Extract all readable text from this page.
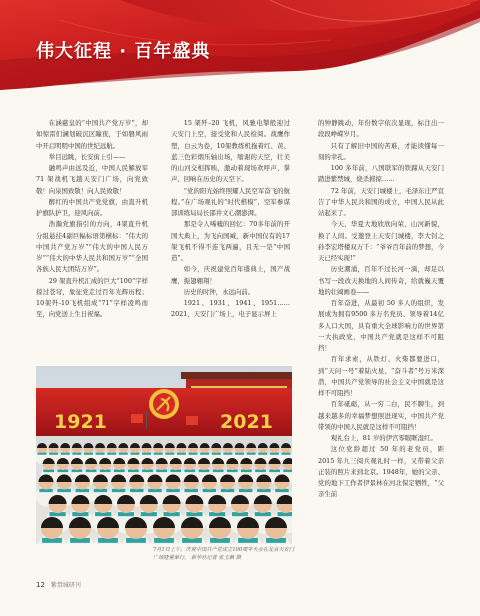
伟大征程 · 百年盛典

在涵慈皇的“中国共产党万岁”，却如惊雷们澜划破沉区瞳夜，于如磐风雨中开启明明中国的世纪远航。

举目远眺，长安街上引——

融鸣声由远及近，中国人民解放军71 架战机飞越天安门广场，向党致敬！向泉国致敬！向人民致敬！

醉红的中国共产党党旗，由直升机护旗队护卫，迎风向前。

浩瀚党旗指引的方向，4架直升机分组悬挂4副巨幅标语第横标：“伟大的中国共产党万岁”“伟大的中国人民万岁”“伟大的中华人民共和国万岁”“全国各族人民大团结万岁”。

29 架直升机汇成的巨大“100”字样掠过苍穹，象征党走过百年光辉历程；10架歼-10飞机组成“71”字样凌鸣而至，向党送上生日祝福。

15 架歼–20 飞机，风驰电掣般迎过天安门上空，接受党和人民检阅。战鹰作塑，白云为卷，10架教练机拖着红、黄、蓝三色彩烟压轴出场，缩谢的天空，壮美的山河交相挥映，激动着现场欢呼声、掌声、回响在历史的天空下。

“党的阳光始终照耀人民空军奋飞的航程。”在广场观礼的“时代楷模”、空军参谋部训练局局长邵井文心潮澎湃。

那是令人唏嘘的回忆：70多年前的开国大典上，为飞向国臧，新中国仅有的17 架飞机不得不连飞两遍，且无一是“中国造”。

如今，庆祝建党百年盛典上，国产战鹰，振翅翱翔！

历史的时钟，永远向前。

1921、1931、1941、1951……2021，天安门广场上，电子显示屏上

的钟静跳动，年份数字依次显现，标注出一段段峥嵘岁月。

只有了解旧中国的苦难，才能读懂每一刻的幸孔。

100 多年前，八国联军的铁蹄从天安门踏进紫禁城，烧杀掳掠……

72 年前，天安门城楼上，毛泽东庄严宣告了中华人民共和国的成立，中国人民从此站起来了。

今天，华夏大地欣欣向荣，山河新貌，换了人间。受邀登上天安门城楼，李大钊之孙李宏塔楼双万千：“爷爷百年前的梦想，今天已经实现!”

历史潮涌，百年不过长河一滴，却足以书写一段改天换地的人间传奇，给就巍天覆地的壮阔画卷——

百年奋进，从最初 50 多人的组织，发展成为拥有9500 多万名党员、领导着14亿多人口大国，具有重大全球影响力的世界第一大执政党，中国共产党就是这样不可阻挡！

百年求索，从铁灯、火柴都要进口，到“天问一号”着陆火星、“奋斗者”号万米深潜，中国共产党领导的社会主义中国就是这样不可阻挡！

百年砥砺，从一穷二白，民不聊生，到越来越多的幸福梦想照进现实，中国共产党带领的中国人民就是这样不可阻挡！

观礼台上，81 岁的伊宫零眼眶湿红。

这位党龄超过 50 年的老党员，距 2015 年九三阅兵观礼时一样，又带着父亲正装的照片来到北京。1948年，她的父亲、党的地下工作者伊景林在河北保定牺牲，“父亲生前

1921	2021
7月1日上午，庆祝中国共产党成立100周年大会在北京天安门广场隆重举行。 新华社记者 张玉薇 摄
12 紫禁城研刊
